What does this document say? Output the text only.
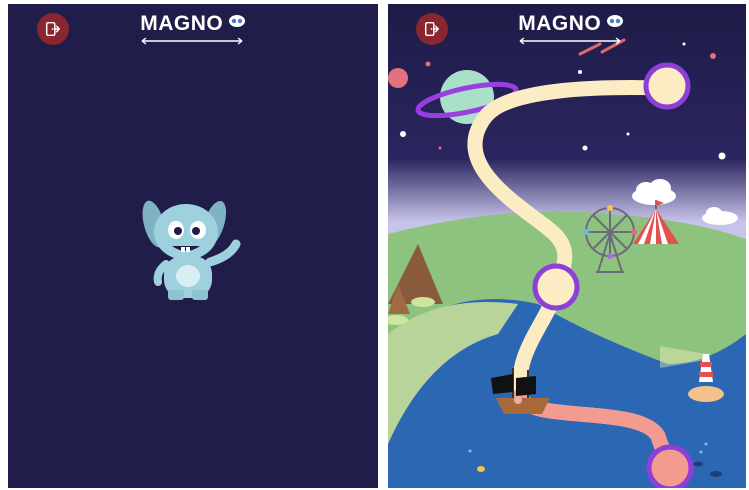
MAGNO	MAGNO
